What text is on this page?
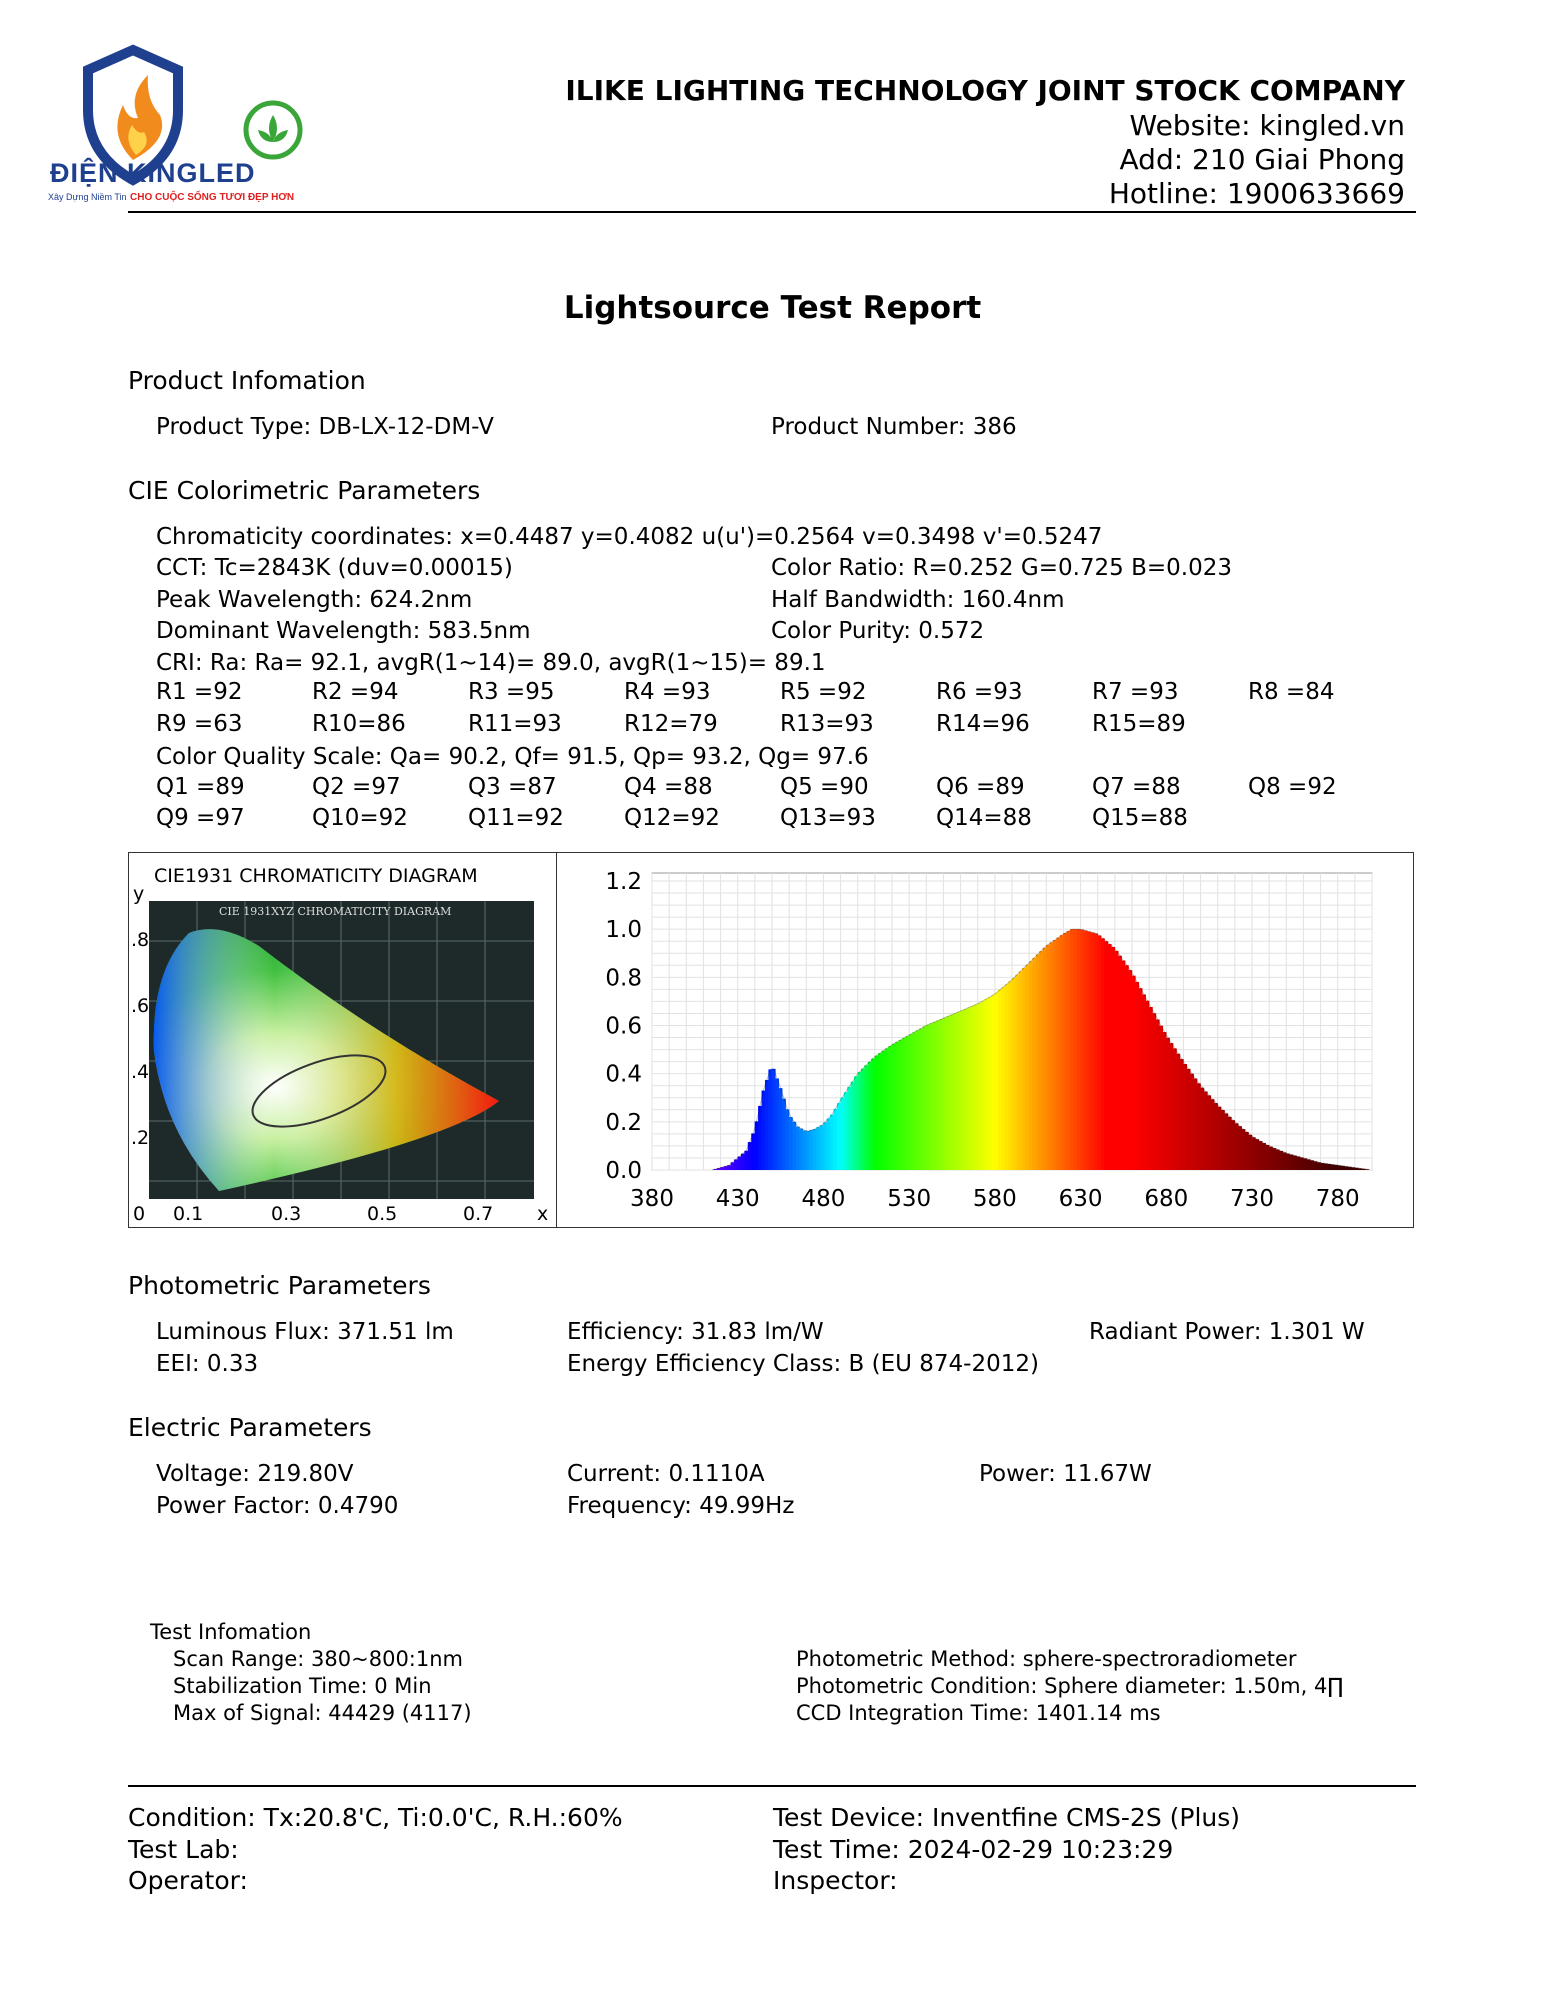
ĐIỆN KINGLED
Xây Dựng Niềm Tin CHO CUỘC SỐNG TƯƠI ĐẸP HƠN
ILIKE LIGHTING TECHNOLOGY JOINT STOCK COMPANY
Website: kingled.vn
Add: 210 Giai Phong
Hotline: 1900633669
Lightsource Test Report
Product Infomation
Product Type: DB-LX-12-DM-V	Product Number: 386
CIE Colorimetric Parameters
Chromaticity coordinates: x=0.4487 y=0.4082 u(u')=0.2564 v=0.3498 v'=0.5247
CCT: Tc=2843K (duv=0.00015)	Color Ratio: R=0.252 G=0.725 B=0.023
Peak Wavelength: 624.2nm	Half Bandwidth: 160.4nm
Dominant Wavelength: 583.5nm	Color Purity: 0.572
CRI: Ra: Ra= 92.1, avgR(1~14)= 89.0, avgR(1~15)= 89.1
R1 =92	R2 =94	R3 =95	R4 =93	R5 =92	R6 =93	R7 =93	R8 =84
R9 =63	R10=86	R11=93	R12=79	R13=93	R14=96	R15=89
Color Quality Scale: Qa= 90.2, Qf= 91.5, Qp= 93.2, Qg= 97.6
Q1 =89	Q2 =97	Q3 =87	Q4 =88	Q5 =90	Q6 =89	Q7 =88	Q8 =92
Q9 =97	Q10=92	Q11=92	Q12=92	Q13=93	Q14=88	Q15=88
CIE1931 CHROMATICITY DIAGRAM
y
x
.8
.6
.4
.2
0 0.1	0.3	0.5	0.7
CIE 1931XYZ CHROMATICITY DIAGRAM
0.0
0.2
0.4
0.6
0.8
1.0
1.2
380 430 480 530 580 630 680 730 780
Photometric Parameters
Luminous Flux: 371.51 lm	Efficiency: 31.83 lm/W	Radiant Power: 1.301 W
EEI: 0.33	Energy Efficiency Class: B (EU 874-2012)
Electric Parameters
Voltage: 219.80V	Current: 0.1110A	Power: 11.67W
Power Factor: 0.4790	Frequency: 49.99Hz
Test Infomation
Scan Range: 380~800:1nm
Stabilization Time: 0 Min
Max of Signal: 44429 (4117)
Photometric Method: sphere-spectroradiometer
Photometric Condition: Sphere diameter: 1.50m, 4∏
CCD Integration Time: 1401.14 ms
Condition: Tx:20.8'C, Ti:0.0'C, R.H.:60%	Test Device: Inventfine CMS-2S (Plus)
Test Lab:	Test Time: 2024-02-29 10:23:29
Operator:	Inspector:
